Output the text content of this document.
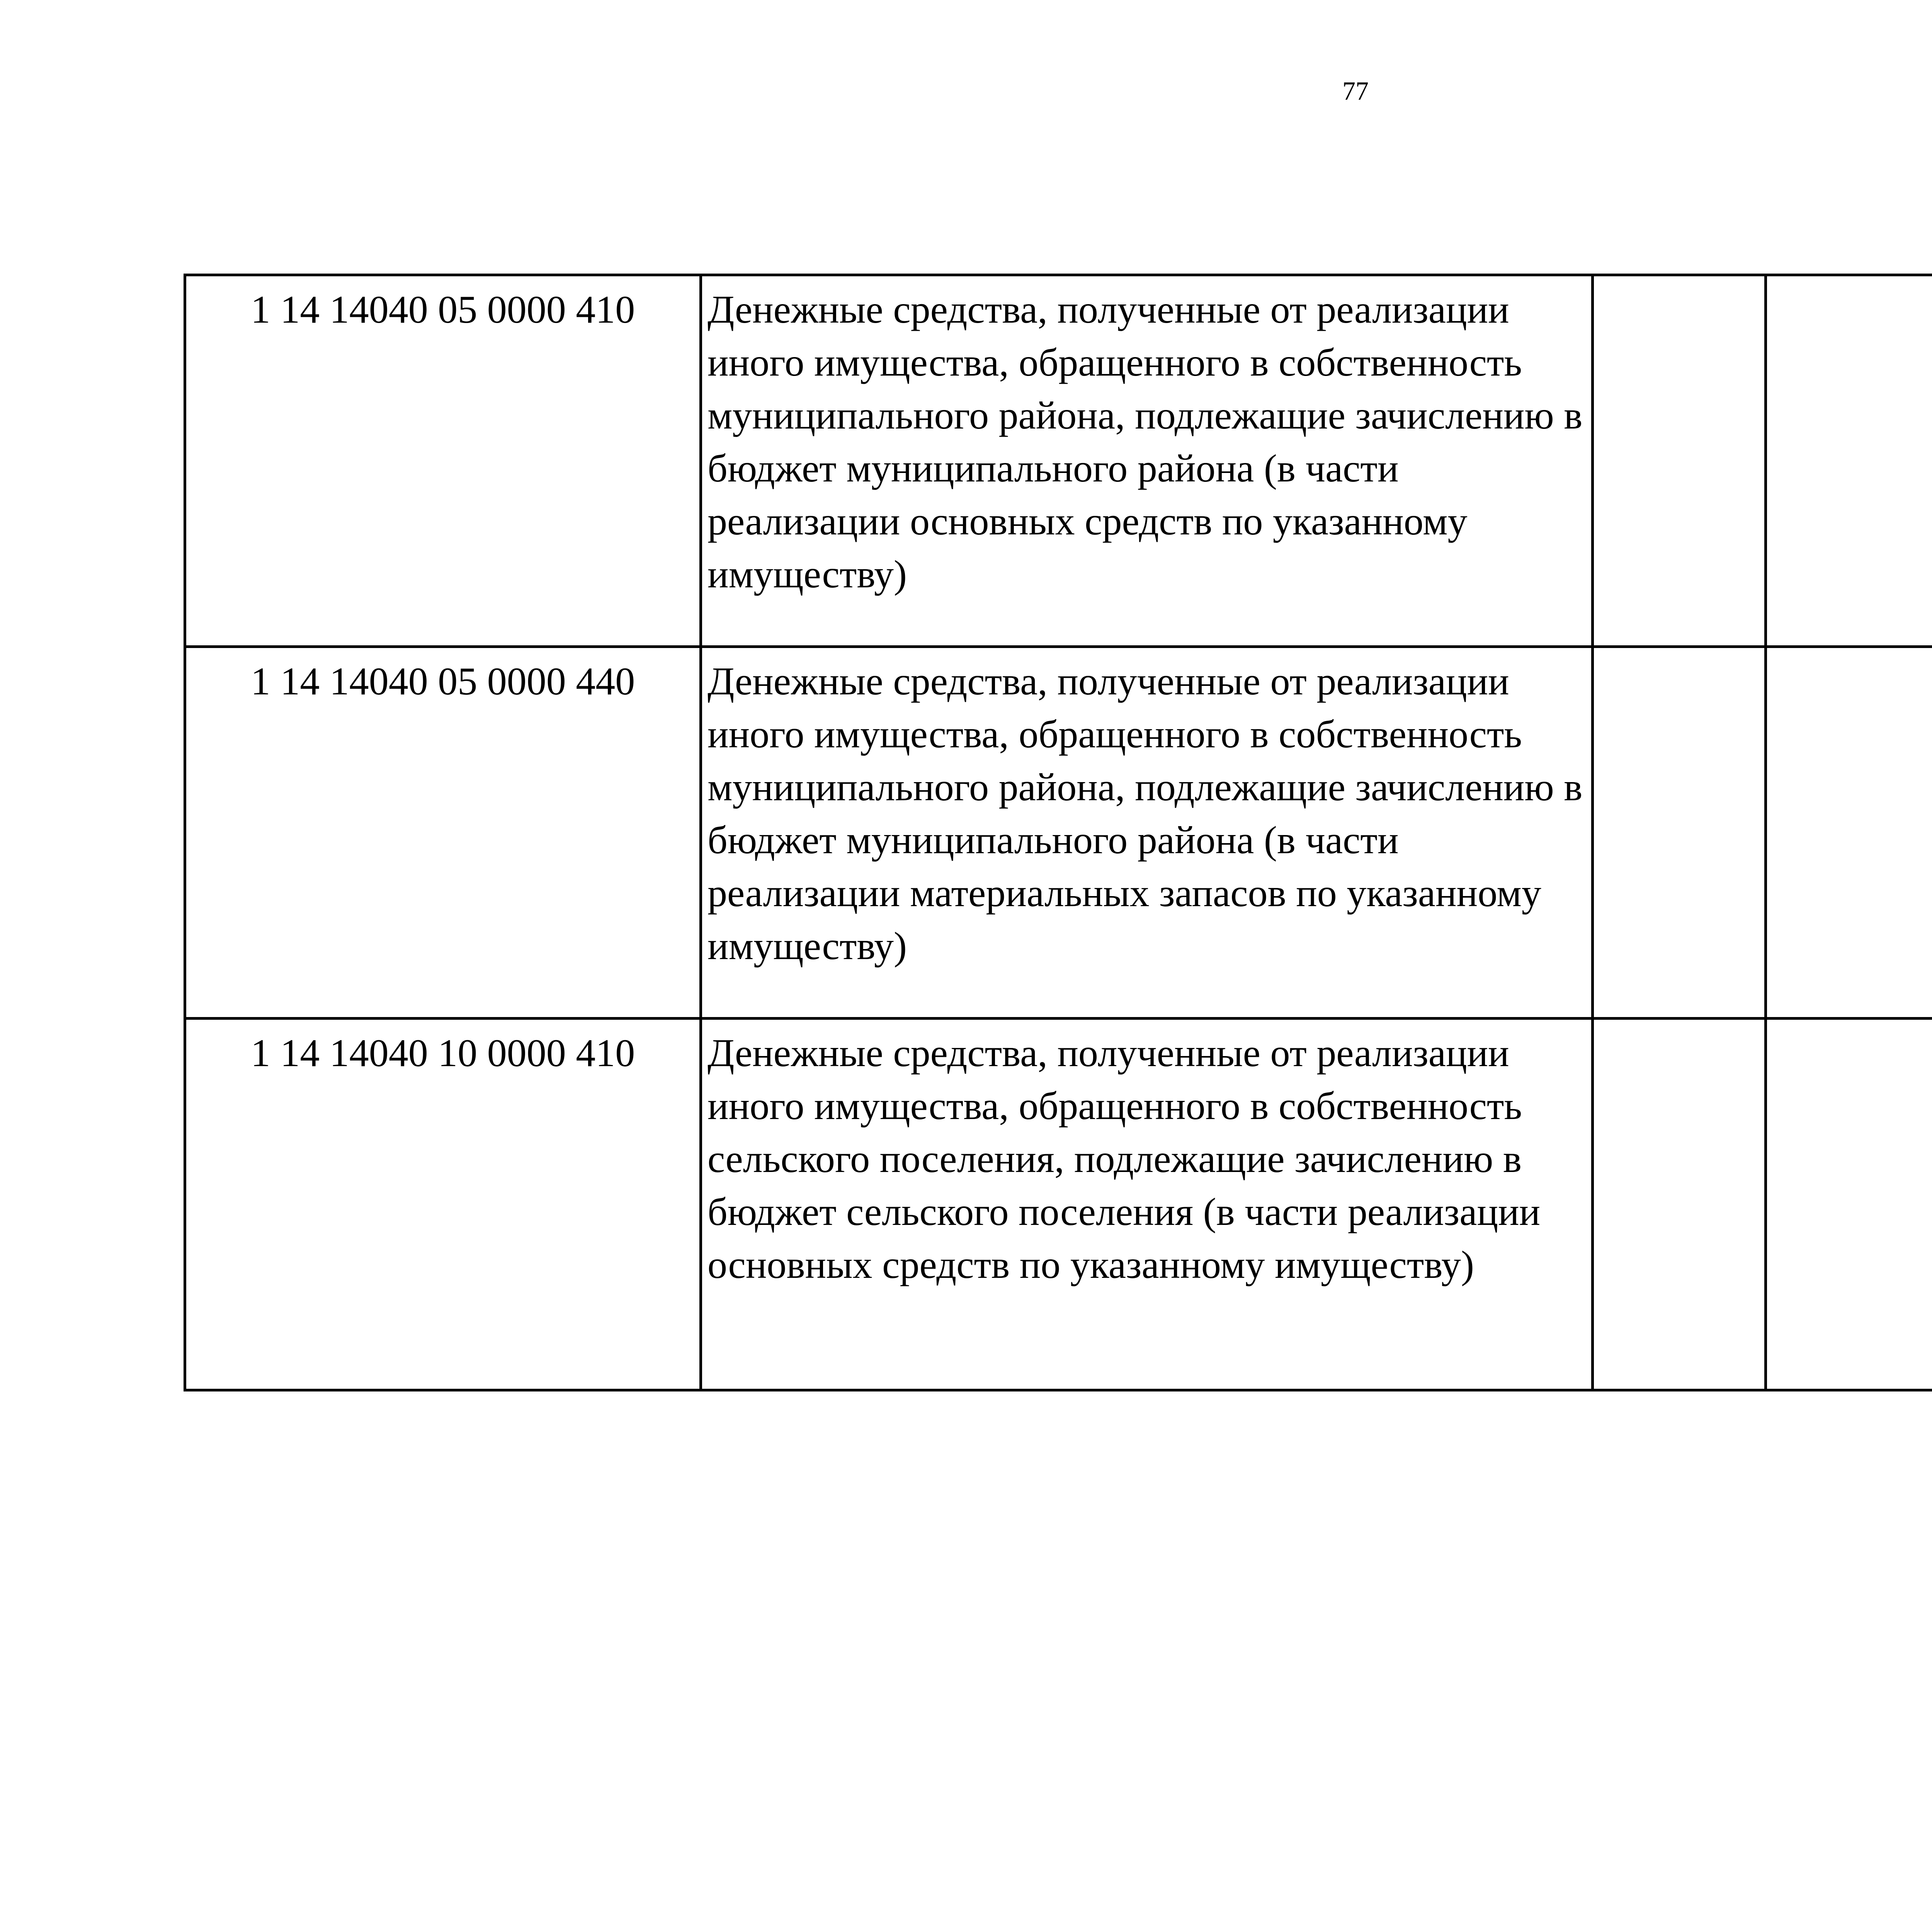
77
1 14 14040 05 0000 410	Денежные средства, полученные от реализации иного имущества, обращенного в собственность муниципального района, подлежащие зачислению в бюджет муниципального района (в части реализации основных средств по указанному имуществу)					
1 14 14040 05 0000 440	Денежные средства, полученные от реализации иного имущества, обращенного в собственность муниципального района, подлежащие зачислению в бюджет муниципального района (в части реализации материальных запасов по указанному имуществу)					
1 14 14040 10 0000 410	Денежные средства, полученные от реализации иного имущества, обращенного в собственность сельского поселения, подлежащие зачислению в бюджет сельского поселения (в части реализации основных средств по указанному имуществу)					
